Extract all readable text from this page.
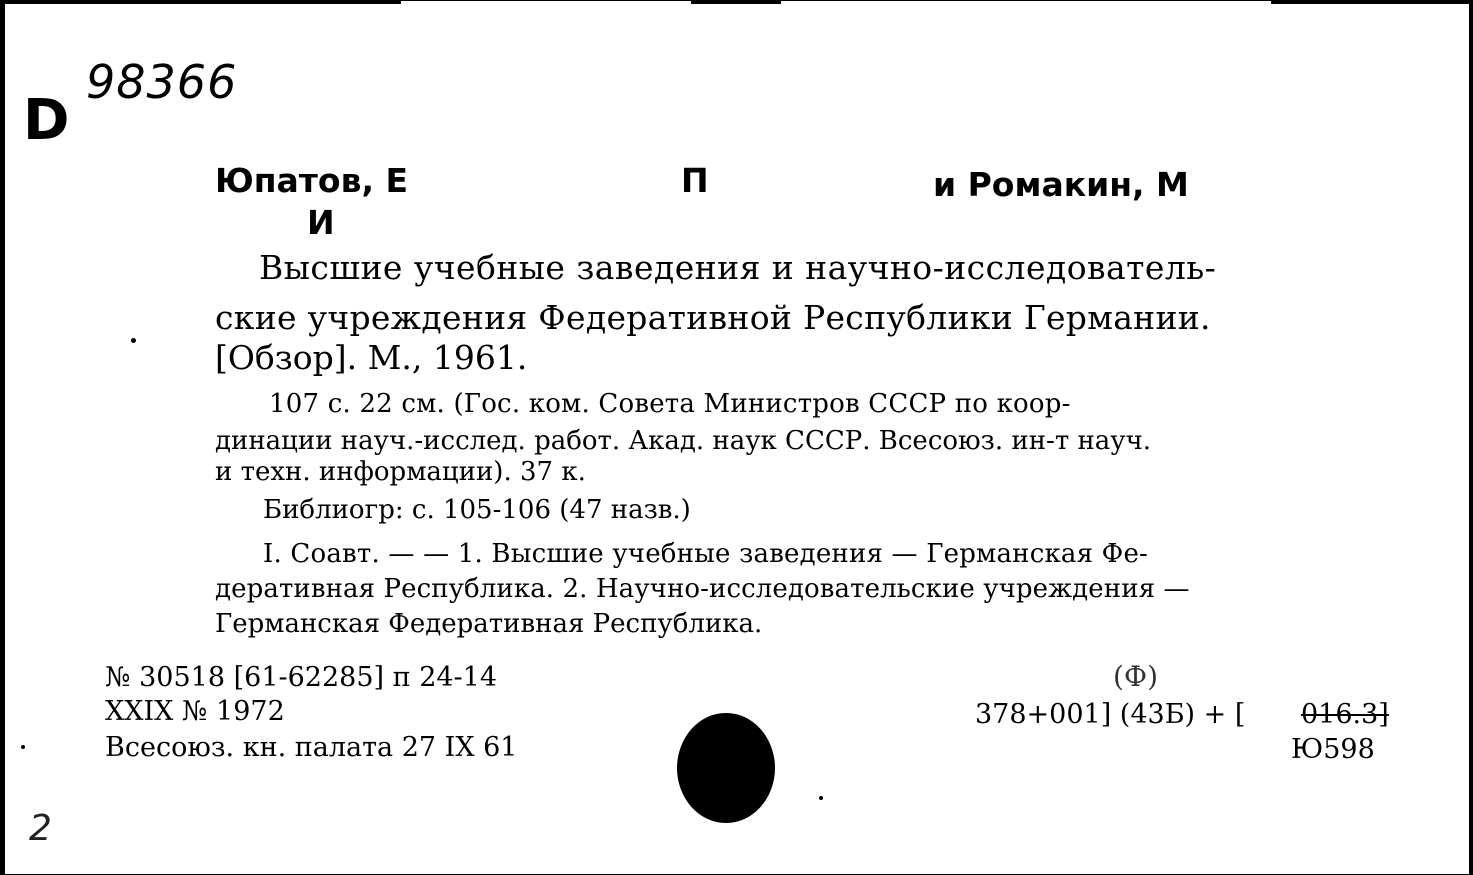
D
98366
Юпатов, Е
И
П	и Ромакин, М
Высшие учебные заведения и научно-исследователь-
ские учреждения Федеративной Республики Германии.
[Обзор]. М., 1961.
107 с. 22 см. (Гос. ком. Совета Министров СССР по коор-
динации науч.-исслед. работ. Акад. наук СССР. Всесоюз. ин-т науч.
и техн. информации). 37 к.
Библиогр: с. 105-106 (47 назв.)
I. Соавт. — — 1. Высшие учебные заведения — Германская Фе-
деративная Республика. 2. Научно-исследовательские учреждения —
Германская Федеративная Республика.
№ 30518 [61-62285] п 24-14
XXIX № 1972
Всесоюз. кн. палата 27 IX 61
(Ф)
378+001] (43Б) + [ 016.3]
Ю598
2
